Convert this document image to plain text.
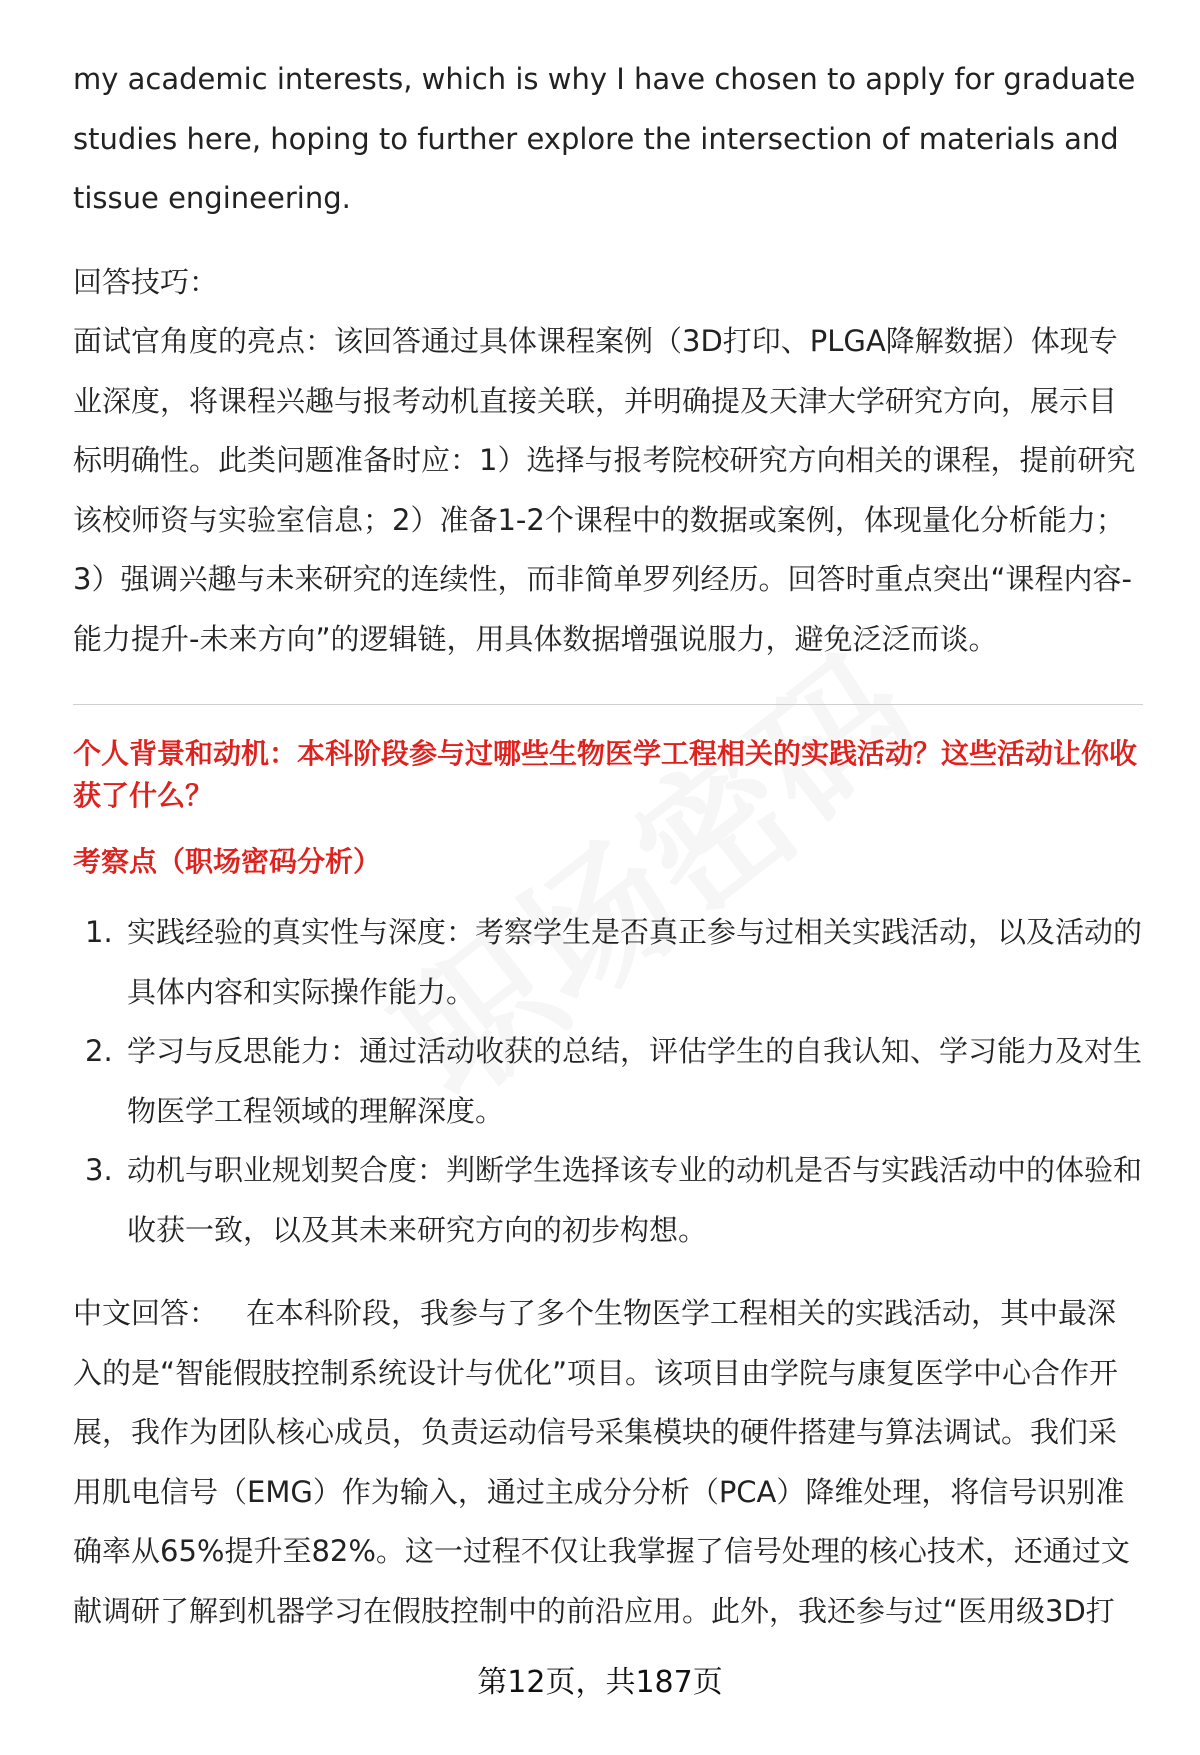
my academic interests, which is why I have chosen to apply for graduate

studies here, hoping to further explore the intersection of materials and

tissue engineering.

回答技巧：

面试官角度的亮点：该回答通过具体课程案例（3D打印、PLGA降解数据）体现专业深度，将课程兴趣与报考动机直接关联，并明确提及天津大学研究方向，展示目标明确性。此类问题准备时应：1）选择与报考院校研究方向相关的课程，提前研究该校师资与实验室信息；2）准备1-2个课程中的数据或案例，体现量化分析能力；3）强调兴趣与未来研究的连续性，而非简单罗列经历。回答时重点突出“课程内容-能力提升-未来方向”的逻辑链，用具体数据增强说服力，避免泛泛而谈。

个人背景和动机：本科阶段参与过哪些生物医学工程相关的实践活动？这些活动让你收获了什么？

考察点（职场密码分析）

1. 实践经验的真实性与深度：考察学生是否真正参与过相关实践活动，以及活动的具体内容和实际操作能力。
2. 学习与反思能力：通过活动收获的总结，评估学生的自我认知、学习能力及对生物医学工程领域的理解深度。
3. 动机与职业规划契合度：判断学生选择该专业的动机是否与实践活动中的体验和收获一致，以及其未来研究方向的初步构想。

中文回答： 在本科阶段，我参与了多个生物医学工程相关的实践活动，其中最深入的是“智能假肢控制系统设计与优化”项目。该项目由学院与康复医学中心合作开展，我作为团队核心成员，负责运动信号采集模块的硬件搭建与算法调试。我们采用肌电信号（EMG）作为输入，通过主成分分析（PCA）降维处理，将信号识别准确率从65%提升至82%。这一过程不仅让我掌握了信号处理的核心技术，还通过文献调研了解到机器学习在假肢控制中的前沿应用。此外，我还参与过“医用级3D打

第12页，共187页
